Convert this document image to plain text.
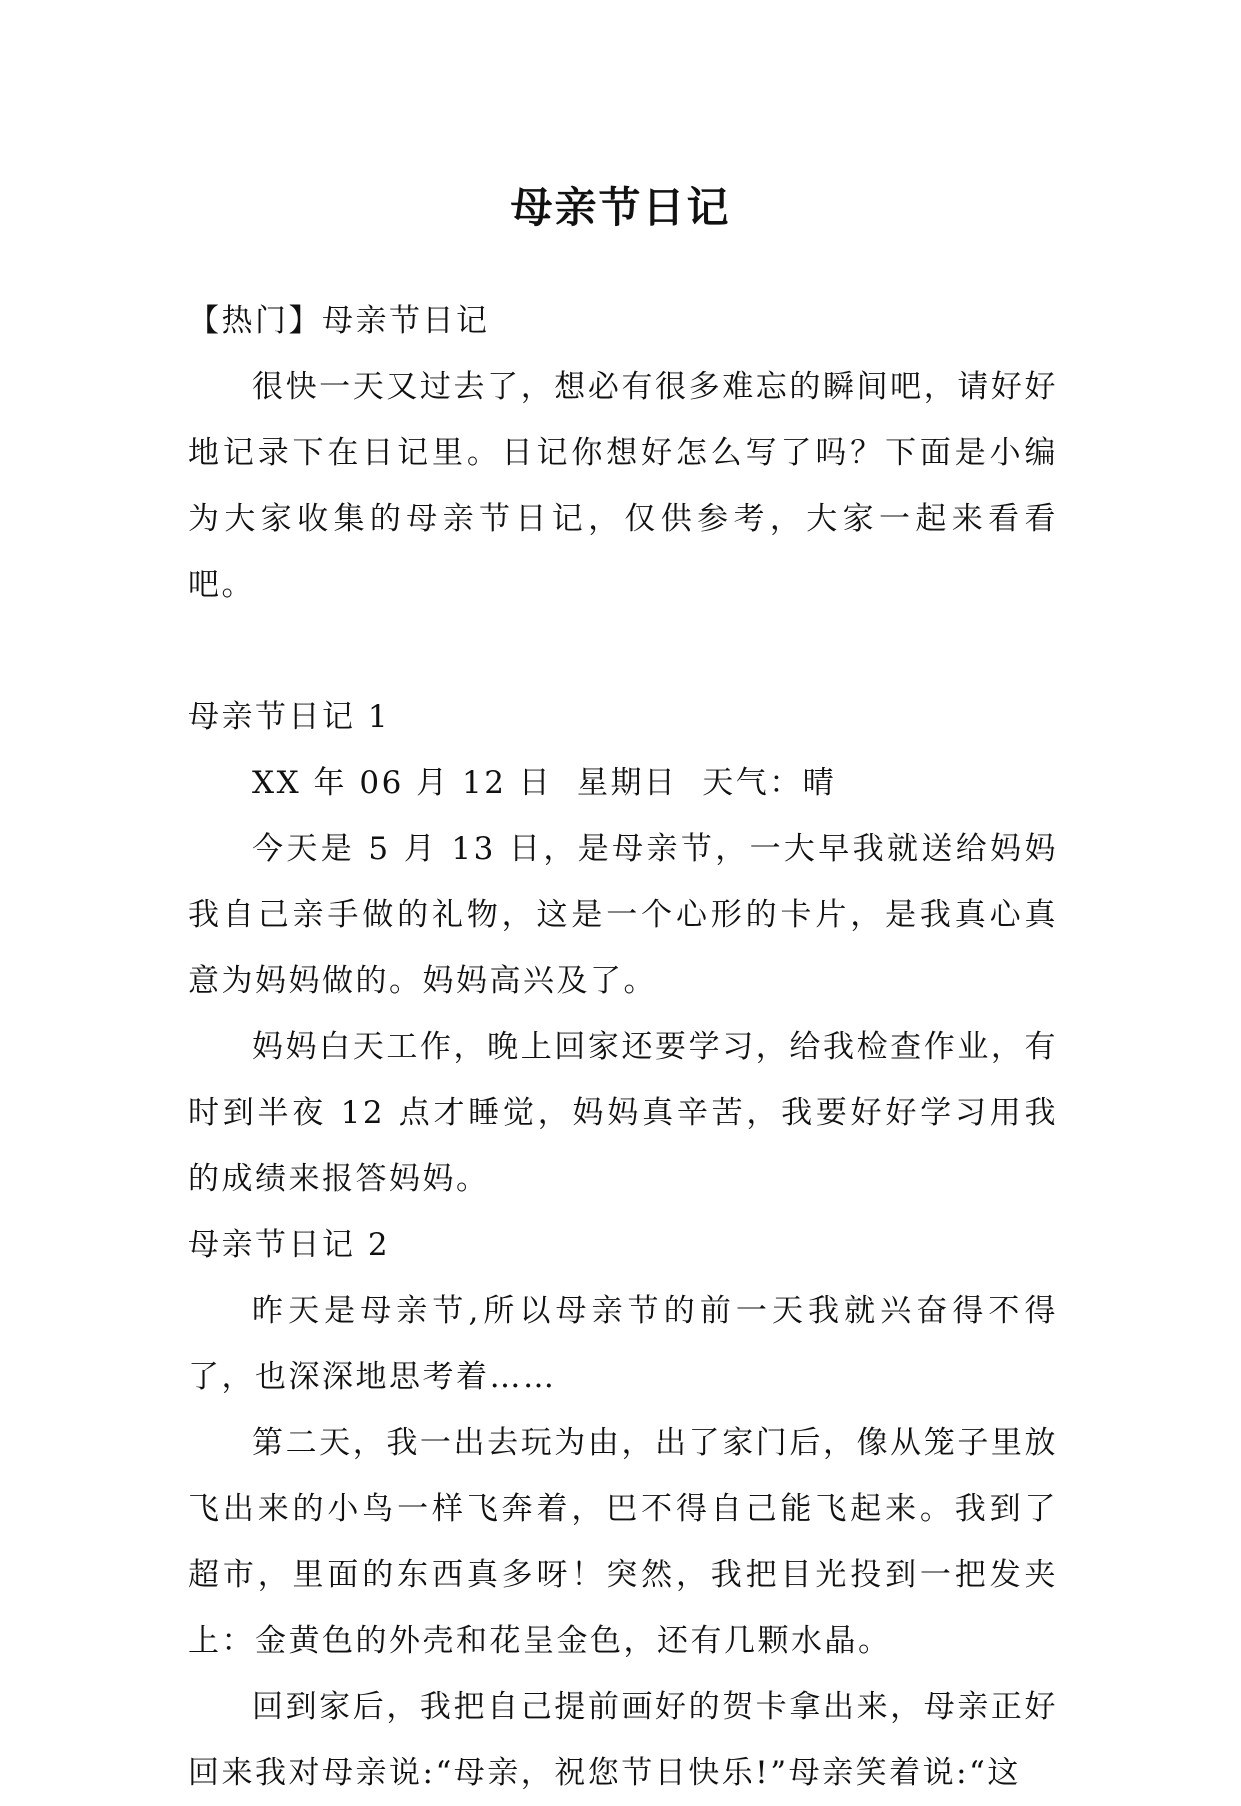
母亲节日记

【热门】母亲节日记

很快一天又过去了，想必有很多难忘的瞬间吧，请好好地记录下在日记里。日记你想好怎么写了吗？下面是小编为大家收集的母亲节日记，仅供参考，大家一起来看看吧。

母亲节日记 1

XX 年 06 月 12 日  星期日  天气：晴

今天是 5 月 13 日，是母亲节，一大早我就送给妈妈我自己亲手做的礼物，这是一个心形的卡片，是我真心真意为妈妈做的。妈妈高兴及了。

妈妈白天工作，晚上回家还要学习，给我检查作业，有时到半夜 12 点才睡觉，妈妈真辛苦，我要好好学习用我的成绩来报答妈妈。

母亲节日记 2

昨天是母亲节,所以母亲节的前一天我就兴奋得不得了，也深深地思考着……

第二天，我一出去玩为由，出了家门后，像从笼子里放飞出来的小鸟一样飞奔着，巴不得自己能飞起来。我到了超市，里面的东西真多呀！突然，我把目光投到一把发夹上：金黄色的外壳和花呈金色，还有几颗水晶。

回到家后，我把自己提前画好的贺卡拿出来，母亲正好回来我对母亲说:“母亲，祝您节日快乐!”母亲笑着说:“这
